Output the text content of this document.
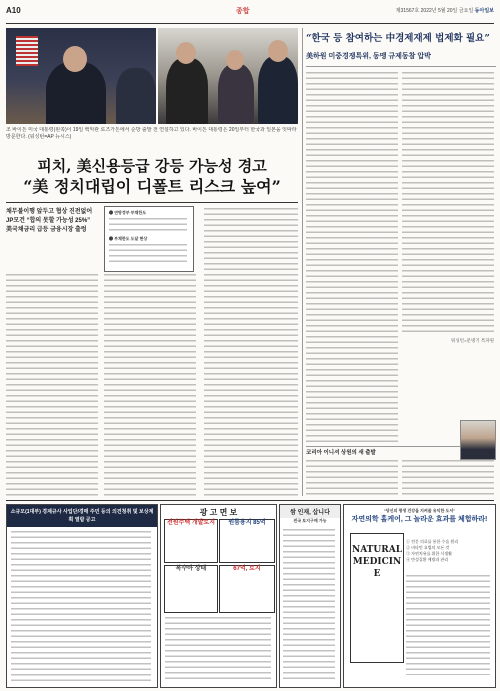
A10	종합	제31567호 2022년 5월 20일 금요일 동아일보
조 바이든 미국 대통령(왼쪽)이 19일 백악관 로즈가든에서 순방 출발 전 연설하고 있다. 바이든 대통령은 20일부터 한국과 일본을 잇따라 방문한다. (워싱턴=AP 뉴시스)
피치, 美신용등급 강등 가능성 경고
“美 정치대립이 디폴트 리스크 높여”
채무불이행 앞두고 협상 진전없어
JP모건 “합의 못할 가능성 25%”
美국채금리 급등 금융시장 출렁
❶ 연방정부 부채한도
❷ 부채한도 도달 현상
“한국 등 참여하는 中경제재제 법제화 필요”
美하원 미중경쟁특위, 동맹 규제동참 압박
워싱턴=문병기 특파원
코리아 이니셔 상원의 새 출발
소규모(1대부) 경제규사 사업단/경매 주민 등의 의견청취 및 보상계획 열람 공고
광 고 면 보
전원주택 개발토지	원룸용지 85억
복수아 상태	67억, 토지
쌈 인재, 삽니다
전국 토지구매 가능
“당신의 평생 건강을 지켜줄 유익한 도서”
자연의학 홀케어, 그 놀라운 효과를 체험하라!
NATURAL MEDICINE
① 전문 의료를 통한 수술 원리
② 비타민 요법의 모든 것
③ 자연치유를 위한 식생활
④ 만성질환 예방과 관리
